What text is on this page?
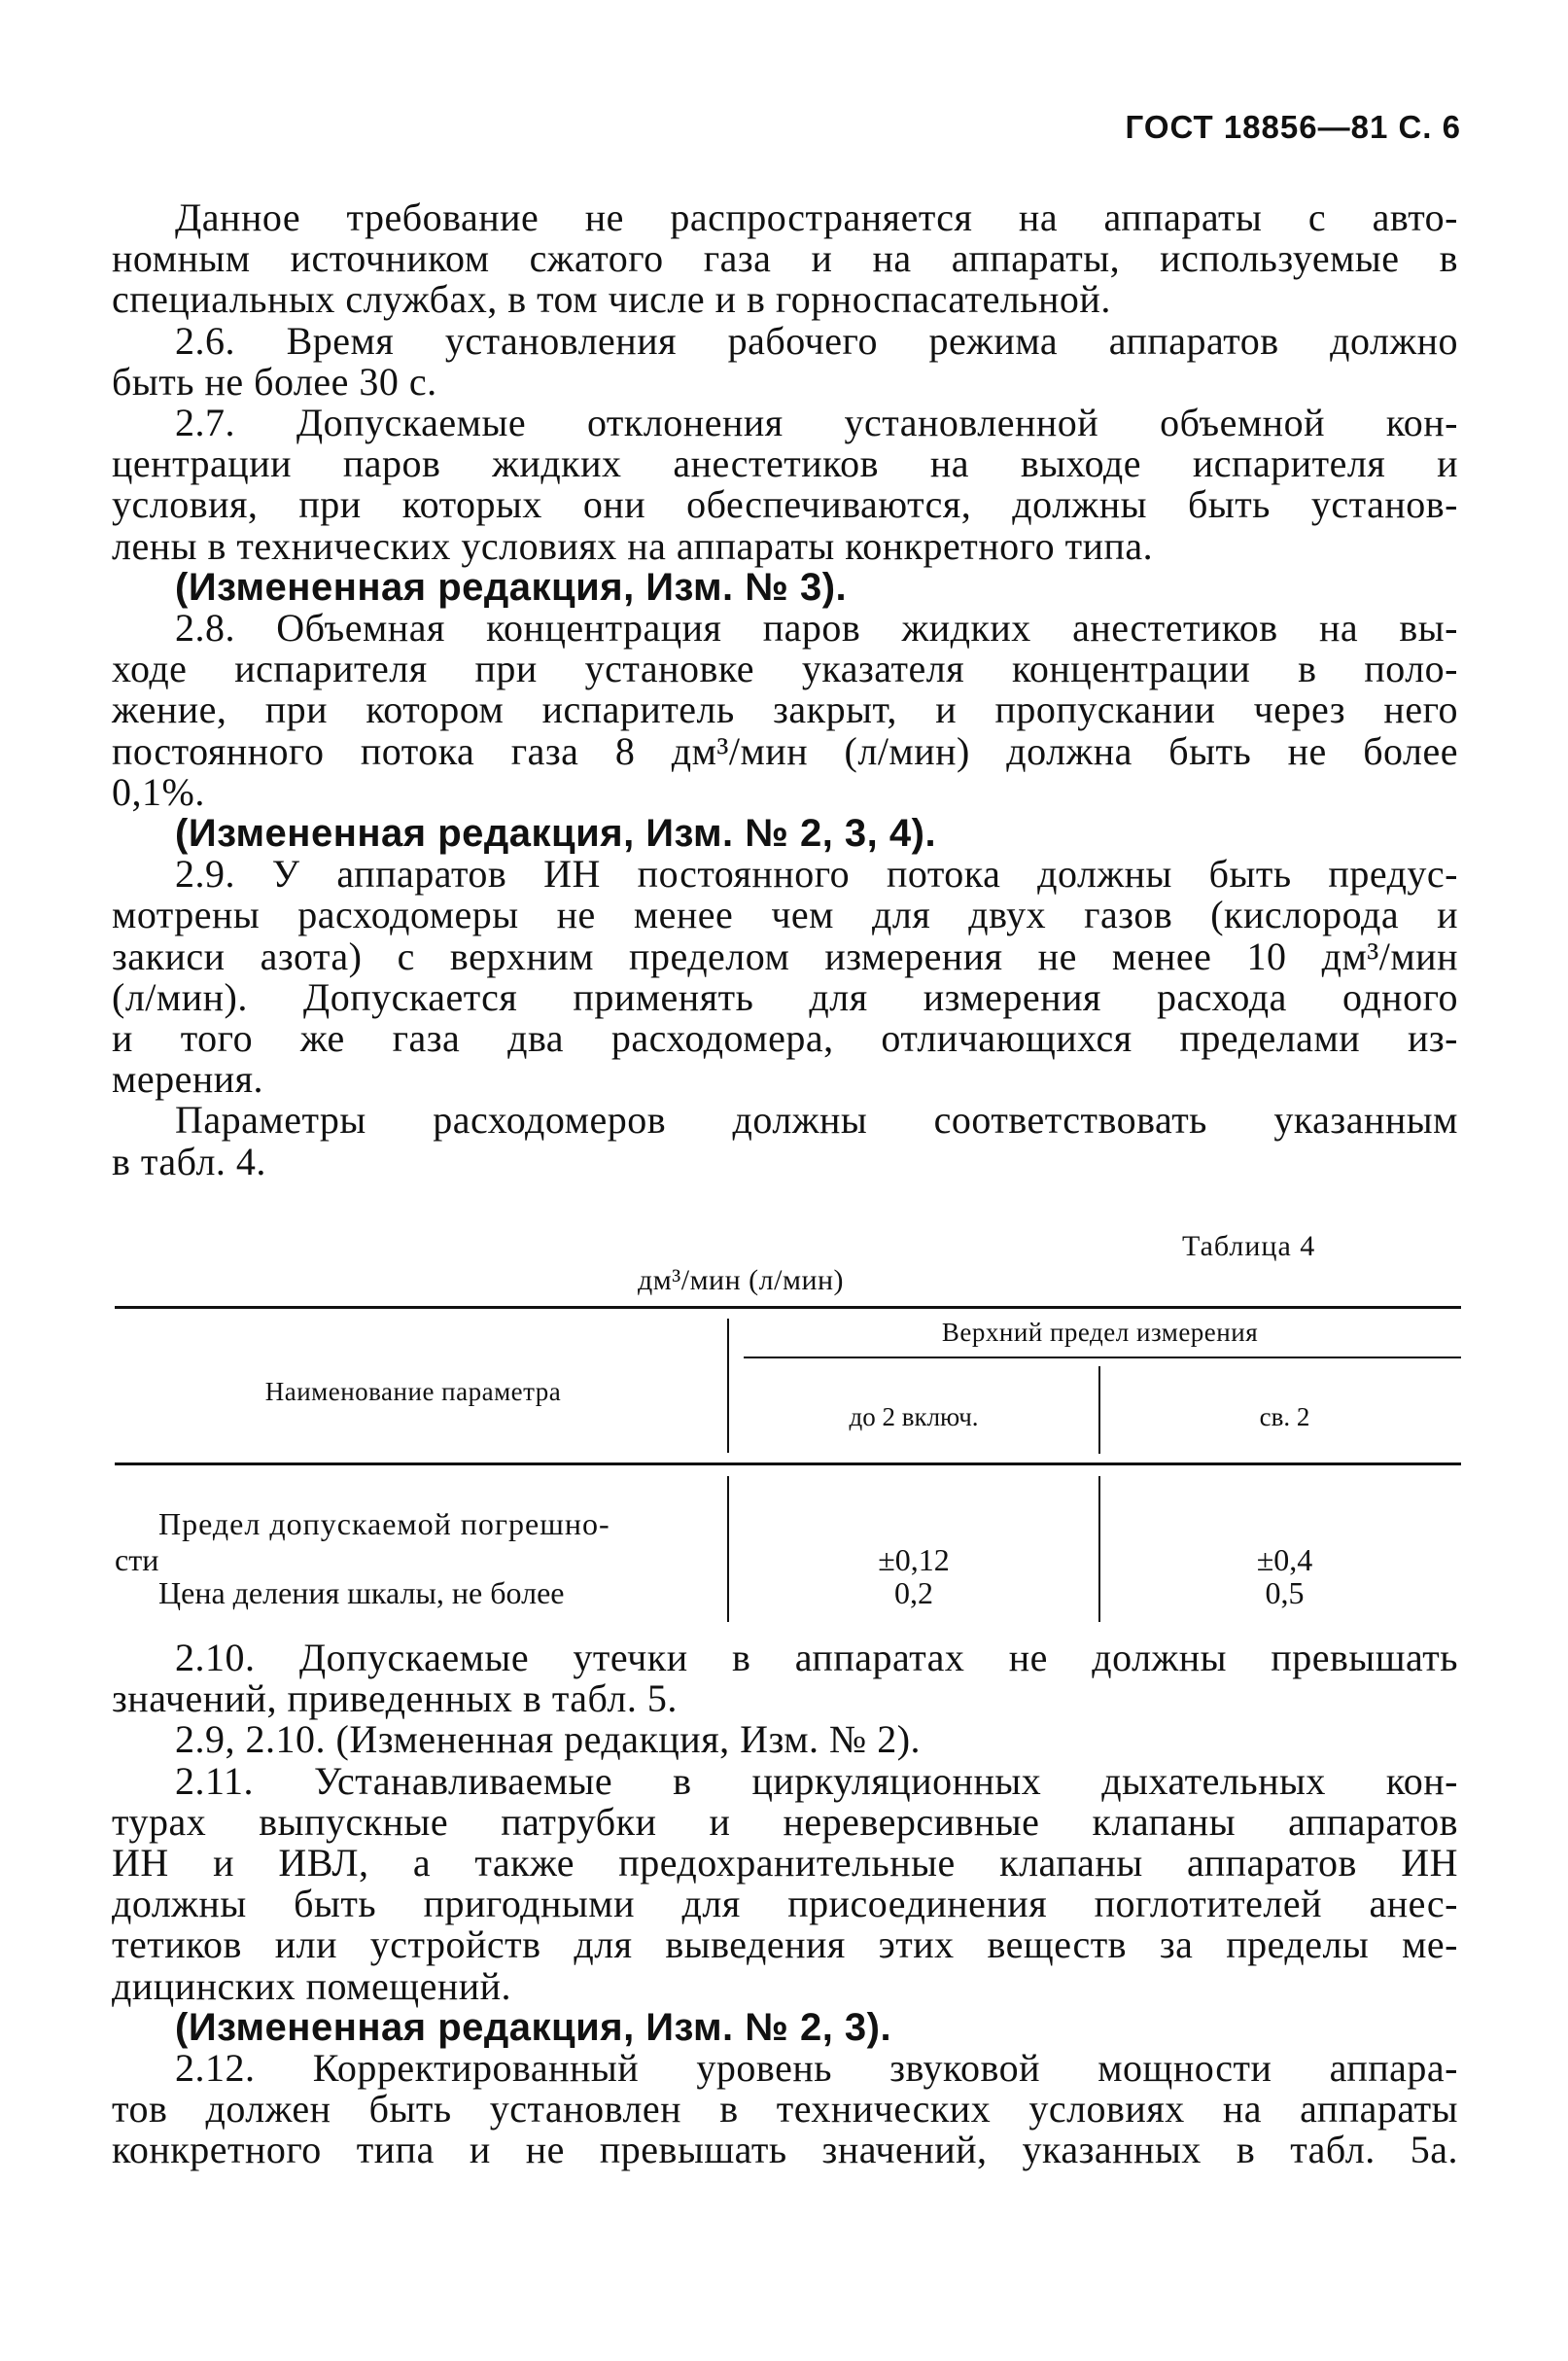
ГОСТ 18856—81 С. 6
Данное требование не распространяется на аппараты с авто-
номным источником сжатого газа и на аппараты, используемые в
специальных службах, в том числе и в горноспасательной.
2.6. Время установления рабочего режима аппаратов должно
быть не более 30 с.
2.7. Допускаемые отклонения установленной объемной кон-
центрации паров жидких анестетиков на выходе испарителя и
условия, при которых они обеспечиваются, должны быть установ-
лены в технических условиях на аппараты конкретного типа.
(Измененная редакция, Изм. № 3).
2.8. Объемная концентрация паров жидких анестетиков на вы-
ходе испарителя при установке указателя концентрации в поло-
жение, при котором испаритель закрыт, и пропускании через него
постоянного потока газа 8 дм³/мин (л/мин) должна быть не более
0,1%.
(Измененная редакция, Изм. № 2, 3, 4).
2.9. У аппаратов ИН постоянного потока должны быть предус-
мотрены расходомеры не менее чем для двух газов (кислорода и
закиси азота) с верхним пределом измерения не менее 10 дм³/мин
(л/мин). Допускается применять для измерения расхода одного
и того же газа два расходомера, отличающихся пределами из-
мерения.
Параметры расходомеров должны соответствовать указанным
в табл. 4.
Таблица 4
дм³/мин (л/мин)
Наименование параметра
Верхний предел измерения
до 2 включ.	св. 2
Предел допускаемой погрешно-
сти	±0,12	±0,4
Цена деления шкалы, не более	0,2	0,5
2.10. Допускаемые утечки в аппаратах не должны превышать
значений, приведенных в табл. 5.
2.9, 2.10. (Измененная редакция, Изм. № 2).
2.11. Устанавливаемые в циркуляционных дыхательных кон-
турах выпускные патрубки и нереверсивные клапаны аппаратов
ИН и ИВЛ, а также предохранительные клапаны аппаратов ИН
должны быть пригодными для присоединения поглотителей анес-
тетиков или устройств для выведения этих веществ за пределы ме-
дицинских помещений.
(Измененная редакция, Изм. № 2, 3).
2.12. Корректированный уровень звуковой мощности аппара-
тов должен быть установлен в технических условиях на аппараты
конкретного типа и не превышать значений, указанных в табл. 5а.
